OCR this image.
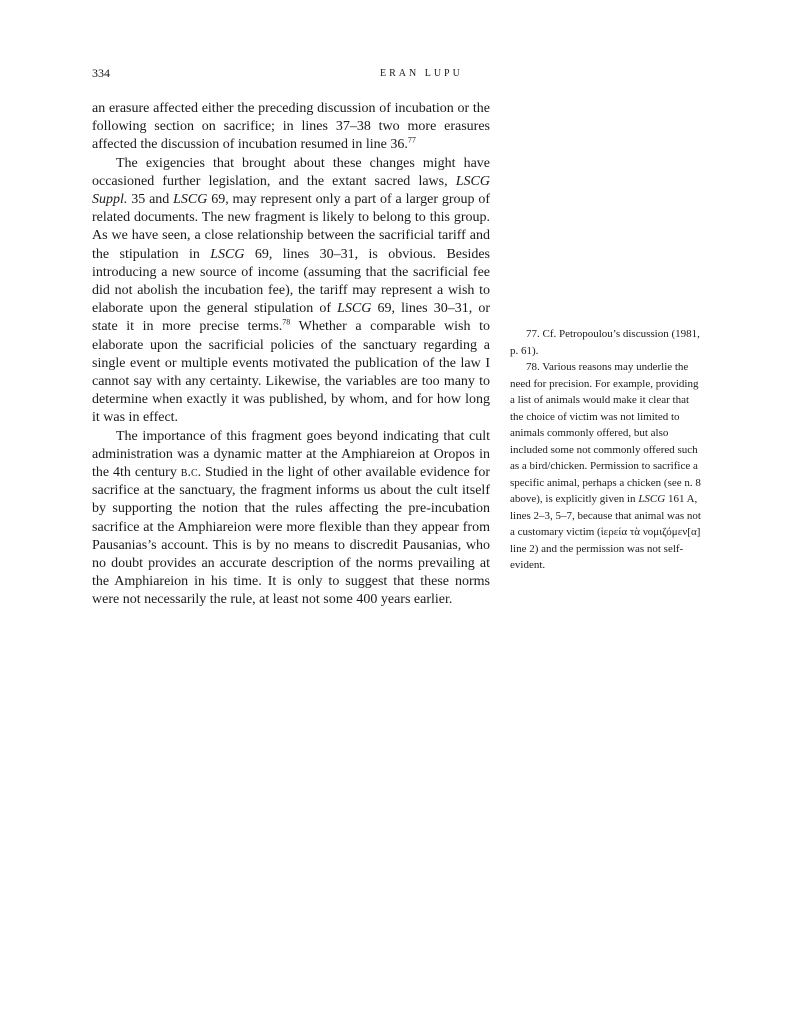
334	ERAN LUPU

an erasure affected either the preceding discussion of incubation or the following section on sacrifice; in lines 37–38 two more erasures affected the discussion of incubation resumed in line 36.77

The exigencies that brought about these changes might have occasioned further legislation, and the extant sacred laws, LSCG Suppl. 35 and LSCG 69, may represent only a part of a larger group of related documents. The new fragment is likely to belong to this group. As we have seen, a close relationship between the sacrificial tariff and the stipulation in LSCG 69, lines 30–31, is obvious. Besides introducing a new source of income (assuming that the sacrificial fee did not abolish the incubation fee), the tariff may represent a wish to elaborate upon the general stipulation of LSCG 69, lines 30–31, or state it in more precise terms.$^{78}$ Whether a comparable wish to elaborate upon the sacrificial policies of the sanctuary regarding a single event or multiple events motivated the publication of the law I cannot say with any certainty. Likewise, the variables are too many to determine when exactly it was published, by whom, and for how long it was in effect.

The importance of this fragment goes beyond indicating that cult administration was a dynamic matter at the Amphiareion at Oropos in the 4th century b.c. Studied in the light of other available evidence for sacrifice at the sanctuary, the fragment informs us about the cult itself by supporting the notion that the rules affecting the pre-incubation sacrifice at the Amphiareion were more flexible than they appear from Pausanias’s account. This is by no means to discredit Pausanias, who no doubt provides an accurate description of the norms prevailing at the Amphiareion in his time. It is only to suggest that these norms were not necessarily the rule, at least not some 400 years earlier.

77. Cf. Petropoulou’s discussion (1981, p. 61).

78. Various reasons may underlie the need for precision. For example, providing a list of animals would make it clear that the choice of victim was not limited to animals commonly offered, but also included some not commonly offered such as a bird/chicken. Permission to sacrifice a specific animal, perhaps a chicken (see n. 8 above), is explicitly given in LSCG 161 A, lines 2–3, 5–7, because that animal was not a customary victim (ἱερεία τὰ νομιζόμεν[α] line 2) and the permission was not self-evident.
